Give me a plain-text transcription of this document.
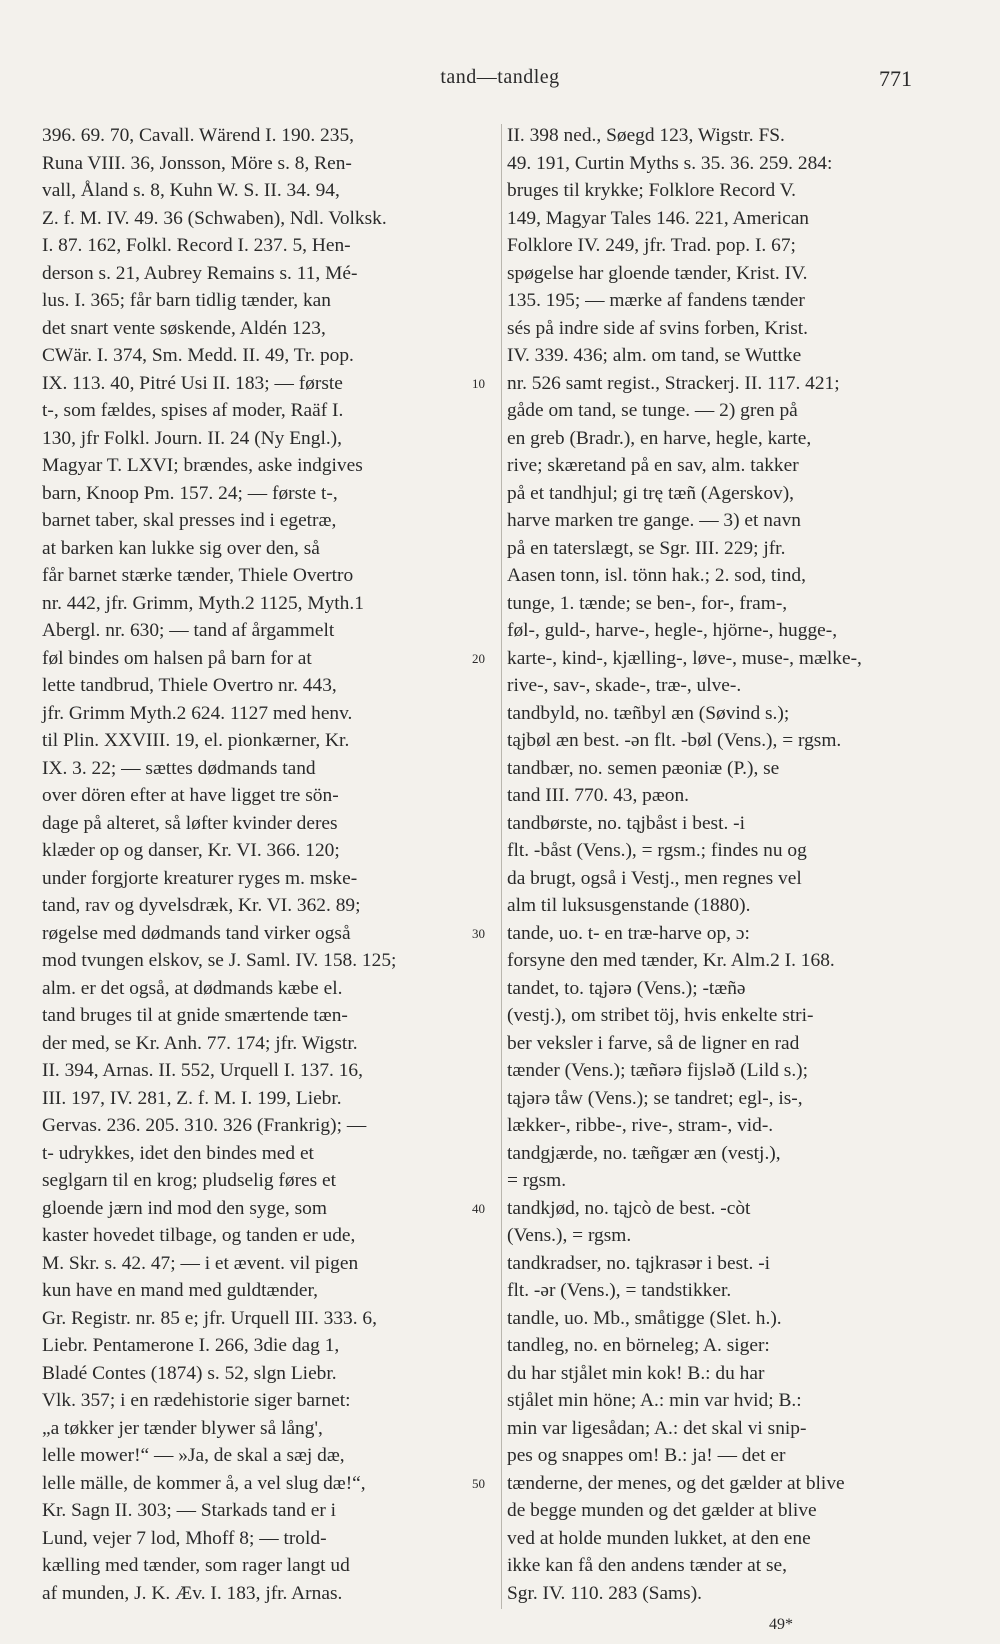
tand—tandleg	771
396. 69. 70, Cavall. Wärend I. 190. 235,
Runa VIII. 36, Jonsson, Möre s. 8, Ren-
vall, Åland s. 8, Kuhn W. S. II. 34. 94,
Z. f. M. IV. 49. 36 (Schwaben), Ndl. Volksk.
I. 87. 162, Folkl. Record I. 237. 5, Hen-
derson s. 21, Aubrey Remains s. 11, Mé-
lus. I. 365; får barn tidlig tænder, kan
det snart vente søskende, Aldén 123,
CWär. I. 374, Sm. Medd. II. 49, Tr. pop.
IX. 113. 40, Pitré Usi II. 183; — første
t-, som fældes, spises af moder, Raäf I.
130, jfr Folkl. Journ. II. 24 (Ny Engl.),
Magyar T. LXVI; brændes, aske indgives
barn, Knoop Pm. 157. 24; — første t-,
barnet taber, skal presses ind i egetræ,
at barken kan lukke sig over den, så
får barnet stærke tænder, Thiele Overtro
nr. 442, jfr. Grimm, Myth.2 1125, Myth.1
Abergl. nr. 630; — tand af årgammelt
føl bindes om halsen på barn for at
lette tandbrud, Thiele Overtro nr. 443,
jfr. Grimm Myth.2 624. 1127 med henv.
til Plin. XXVIII. 19, el. pionkærner, Kr.
IX. 3. 22; — sættes dødmands tand
over dören efter at have ligget tre sön-
dage på alteret, så løfter kvinder deres
klæder op og danser, Kr. VI. 366. 120;
under forgjorte kreaturer ryges m. mske-
tand, rav og dyvelsdræk, Kr. VI. 362. 89;
røgelse med dødmands tand virker også
mod tvungen elskov, se J. Saml. IV. 158. 125;
alm. er det også, at dødmands kæbe el.
tand bruges til at gnide smærtende tæn-
der med, se Kr. Anh. 77. 174; jfr. Wigstr.
II. 394, Arnas. II. 552, Urquell I. 137. 16,
III. 197, IV. 281, Z. f. M. I. 199, Liebr.
Gervas. 236. 205. 310. 326 (Frankrig); —
t- udrykkes, idet den bindes med et
seglgarn til en krog; pludselig føres et
gloende jærn ind mod den syge, som
kaster hovedet tilbage, og tanden er ude,
M. Skr. s. 42. 47; — i et ævent. vil pigen
kun have en mand med guldtænder,
Gr. Registr. nr. 85 e; jfr. Urquell III. 333. 6,
Liebr. Pentamerone I. 266, 3die dag 1,
Bladé Contes (1874) s. 52, slgn Liebr.
Vlk. 357; i en rædehistorie siger barnet:
„a tøkker jer tænder blywer så lång',
lelle mower!“ — »Ja, de skal a sæj dæ,
lelle mälle, de kommer å, a vel slug dæ!“,
Kr. Sagn II. 303; — Starkads tand er i
Lund, vejer 7 lod, Mhoff 8; — trold-
kælling med tænder, som rager langt ud
af munden, J. K. Æv. I. 183, jfr. Arnas.
10
20
30
40
50
II. 398 ned., Søegd 123, Wigstr. FS.
49. 191, Curtin Myths s. 35. 36. 259. 284:
bruges til krykke; Folklore Record V.
149, Magyar Tales 146. 221, American
Folklore IV. 249, jfr. Trad. pop. I. 67;
spøgelse har gloende tænder, Krist. IV.
135. 195; — mærke af fandens tænder
sés på indre side af svins forben, Krist.
IV. 339. 436; alm. om tand, se Wuttke
nr. 526 samt regist., Strackerj. II. 117. 421;
gåde om tand, se tunge. — 2) gren på
en greb (Bradr.), en harve, hegle, karte,
rive; skæretand på en sav, alm. takker
på et tandhjul; gi trę tæñ (Agerskov),
harve marken tre gange. — 3) et navn
på en taterslægt, se Sgr. III. 229; jfr.
Aasen tonn, isl. tönn hak.; 2. sod, tind,
tunge, 1. tænde; se ben-, for-, fram-,
føl-, guld-, harve-, hegle-, hjörne-, hugge-,
karte-, kind-, kjælling-, løve-, muse-, mælke-,
rive-, sav-, skade-, træ-, ulve-.
tandbyld, no. tæñbyl æn (Søvind s.);
tąjbøl æn best. -ən flt. -bøl (Vens.), = rgsm.
tandbær, no. semen pæoniæ (P.), se
tand III. 770. 43, pæon.
tandbørste, no. tąjbåst i best. -i
flt. -båst (Vens.), = rgsm.; findes nu og
da brugt, også i Vestj., men regnes vel
alm til luksusgenstande (1880).
tande, uo. t- en træ-harve op, ɔ:
forsyne den med tænder, Kr. Alm.2 I. 168.
tandet, to. tąjərə (Vens.); -tæñə
(vestj.), om stribet töj, hvis enkelte stri-
ber veksler i farve, så de ligner en rad
tænder (Vens.); tæñərə fijsləð (Lild s.);
tąjərə tåw (Vens.); se tandret; egl-, is-,
lækker-, ribbe-, rive-, stram-, vid-.
tandgjærde, no. tæñgær æn (vestj.),
= rgsm.
tandkjød, no. tąjcò de best. -còt
(Vens.), = rgsm.
tandkradser, no. tąjkrasər i best. -i
flt. -ər (Vens.), = tandstikker.
tandle, uo. Mb., småtigge (Slet. h.).
tandleg, no. en börneleg; A. siger:
du har stjålet min kok! B.: du har
stjålet min höne; A.: min var hvid; B.:
min var ligesådan; A.: det skal vi snip-
pes og snappes om! B.: ja! — det er
tænderne, der menes, og det gælder at blive
de begge munden og det gælder at blive
ved at holde munden lukket, at den ene
ikke kan få den andens tænder at se,
Sgr. IV. 110. 283 (Sams).
49*
